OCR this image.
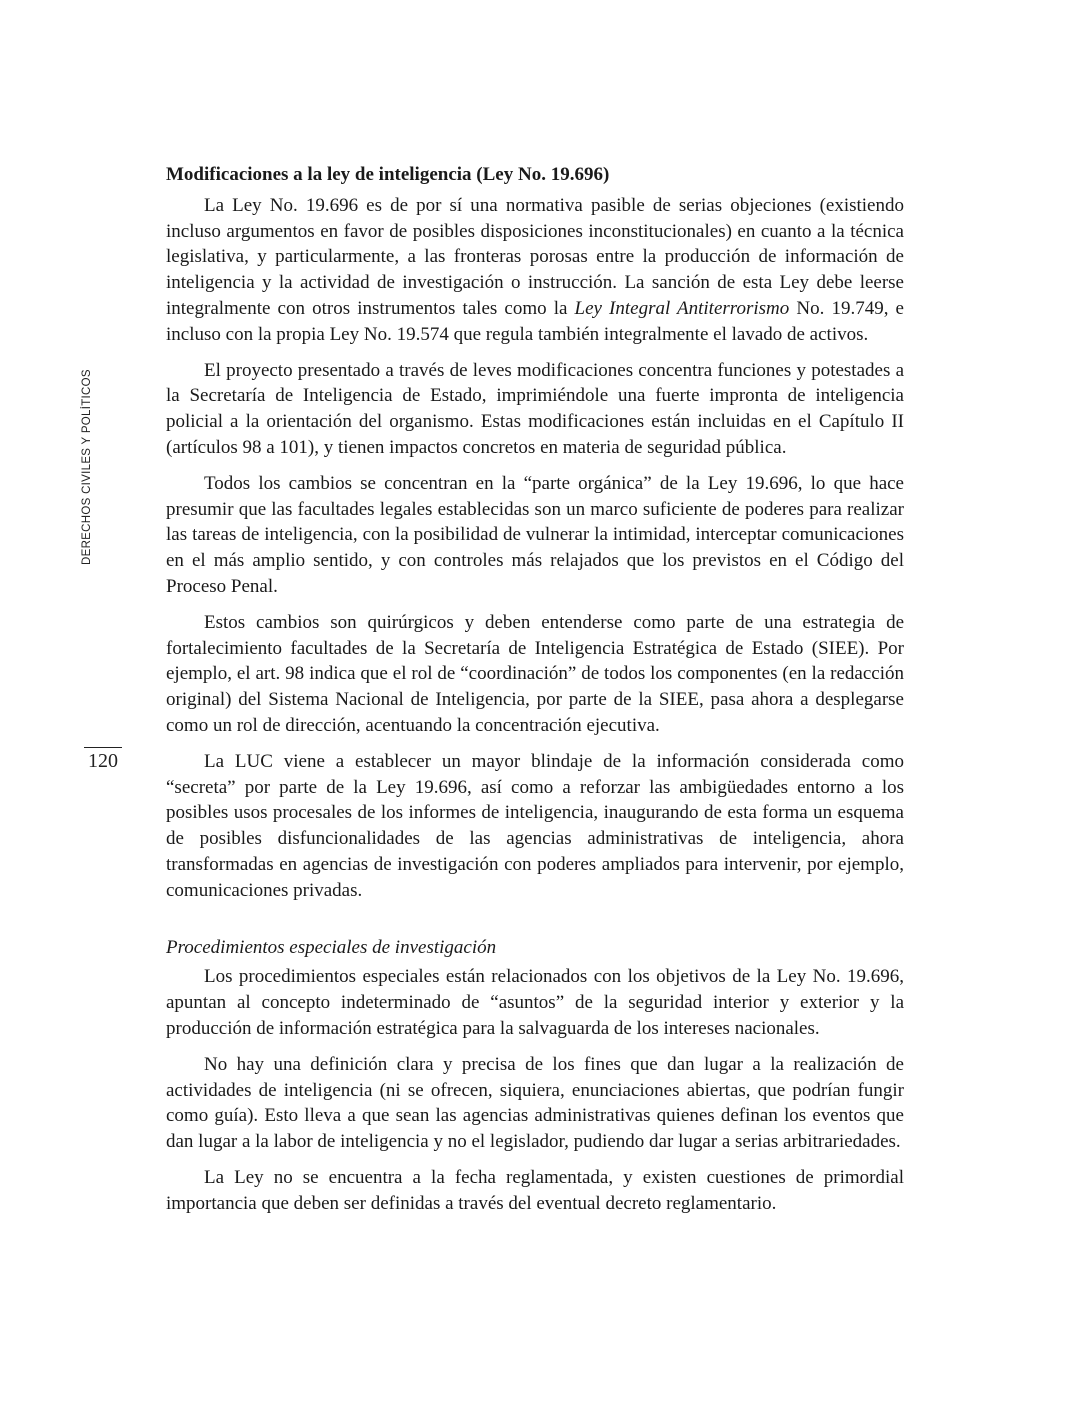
DERECHOS CIVILES Y POLÍTICOS
120
Modificaciones a la ley de inteligencia (Ley No. 19.696)

La Ley No. 19.696 es de por sí una normativa pasible de serias objeciones (existiendo incluso argumentos en favor de posibles disposiciones inconstitucionales) en cuanto a la técnica legislativa, y particularmente, a las fronteras porosas entre la producción de información de inteligencia y la actividad de investigación o instrucción. La sanción de esta Ley debe leerse integralmente con otros instrumentos tales como la Ley Integral Antiterrorismo No. 19.749, e incluso con la propia Ley No. 19.574 que regula también integralmente el lavado de activos.

El proyecto presentado a través de leves modificaciones concentra funciones y potestades a la Secretaría de Inteligencia de Estado, imprimiéndole una fuerte impronta de inteligencia policial a la orientación del organismo. Estas modificaciones están incluidas en el Capítulo II (artículos 98 a 101), y tienen impactos concretos en materia de seguridad pública.

Todos los cambios se concentran en la “parte orgánica” de la Ley 19.696, lo que hace presumir que las facultades legales establecidas son un marco suficiente de poderes para realizar las tareas de inteligencia, con la posibilidad de vulnerar la intimidad, interceptar comunicaciones en el más amplio sentido, y con controles más relajados que los previstos en el Código del Proceso Penal.

Estos cambios son quirúrgicos y deben entenderse como parte de una estrategia de fortalecimiento facultades de la Secretaría de Inteligencia Estratégica de Estado (SIEE). Por ejemplo, el art. 98 indica que el rol de “coordinación” de todos los componentes (en la redacción original) del Sistema Nacional de Inteligencia, por parte de la SIEE, pasa ahora a desplegarse como un rol de dirección, acentuando la concentración ejecutiva.

La LUC viene a establecer un mayor blindaje de la información considerada como “secreta” por parte de la Ley 19.696, así como a reforzar las ambigüedades entorno a los posibles usos procesales de los informes de inteligencia, inaugurando de esta forma un esquema de posibles disfuncionalidades de las agencias administrativas de inteligencia, ahora transformadas en agencias de investigación con poderes ampliados para intervenir, por ejemplo, comunicaciones privadas.

Procedimientos especiales de investigación

Los procedimientos especiales están relacionados con los objetivos de la Ley No. 19.696, apuntan al concepto indeterminado de “asuntos” de la seguridad interior y exterior y la producción de información estratégica para la salvaguarda de los intereses nacionales.

No hay una definición clara y precisa de los fines que dan lugar a la realización de actividades de inteligencia (ni se ofrecen, siquiera, enunciaciones abiertas, que podrían fungir como guía). Esto lleva a que sean las agencias administrativas quienes definan los eventos que dan lugar a la labor de inteligencia y no el legislador, pudiendo dar lugar a serias arbitrariedades.

La Ley no se encuentra a la fecha reglamentada, y existen cuestiones de primordial importancia que deben ser definidas a través del eventual decreto reglamentario.
